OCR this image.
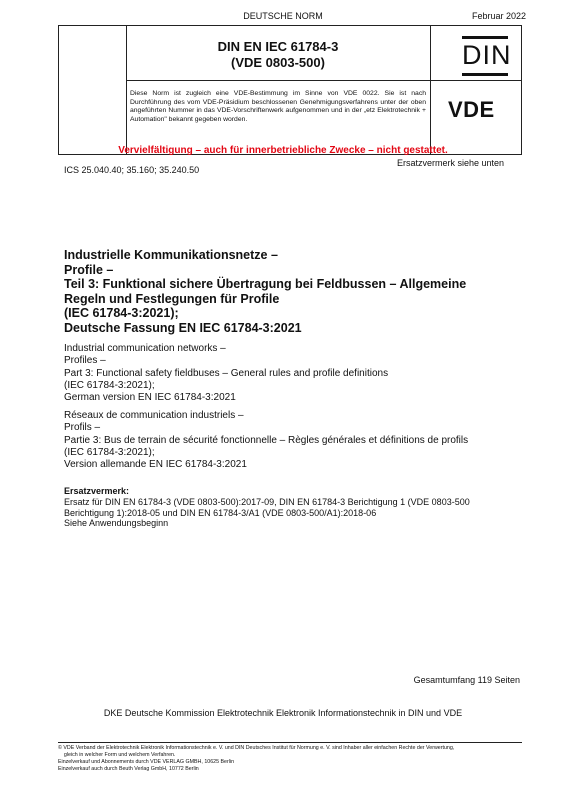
DEUTSCHE NORM	Februar 2022
DIN EN IEC 61784-3
(VDE 0803-500)	DIN
Diese Norm ist zugleich eine VDE-Bestimmung im Sinne von VDE 0022. Sie ist nach Durchführung des vom VDE-Präsidium beschlossenen Genehmigungsverfahrens unter der oben angeführten Nummer in das VDE-Vorschriftenwerk aufgenommen und in der „etz Elektrotechnik + Automation" bekannt gegeben worden.	VDE
Vervielfältigung – auch für innerbetriebliche Zwecke – nicht gestattet.
Ersatzvermerk siehe unten
ICS 25.040.40; 35.160; 35.240.50
Industrielle Kommunikationsnetze –
Profile –
Teil 3: Funktional sichere Übertragung bei Feldbussen – Allgemeine
Regeln und Festlegungen für Profile
(IEC 61784-3:2021);
Deutsche Fassung EN IEC 61784-3:2021
Industrial communication networks –
Profiles –
Part 3: Functional safety fieldbuses – General rules and profile definitions
(IEC 61784-3:2021);
German version EN IEC 61784-3:2021
Réseaux de communication industriels –
Profils –
Partie 3: Bus de terrain de sécurité fonctionnelle – Règles générales et définitions de profils
(IEC 61784-3:2021);
Version allemande EN IEC 61784-3:2021
Ersatzvermerk:
Ersatz für DIN EN 61784-3 (VDE 0803-500):2017-09, DIN EN 61784-3 Berichtigung 1 (VDE 0803-500
Berichtigung 1):2018-05 und DIN EN 61784-3/A1 (VDE 0803-500/A1):2018-06
Siehe Anwendungsbeginn
Gesamtumfang 119 Seiten
DKE Deutsche Kommission Elektrotechnik Elektronik Informationstechnik in DIN und VDE
© VDE Verband der Elektrotechnik Elektronik Informationstechnik e. V. und DIN Deutsches Institut für Normung e. V. sind Inhaber aller einfachen Rechte der Verwertung,
gleich in welcher Form und welchem Verfahren.
Einzelverkauf und Abonnements durch VDE VERLAG GMBH, 10625 Berlin
Einzelverkauf auch durch Beuth Verlag GmbH, 10772 Berlin
